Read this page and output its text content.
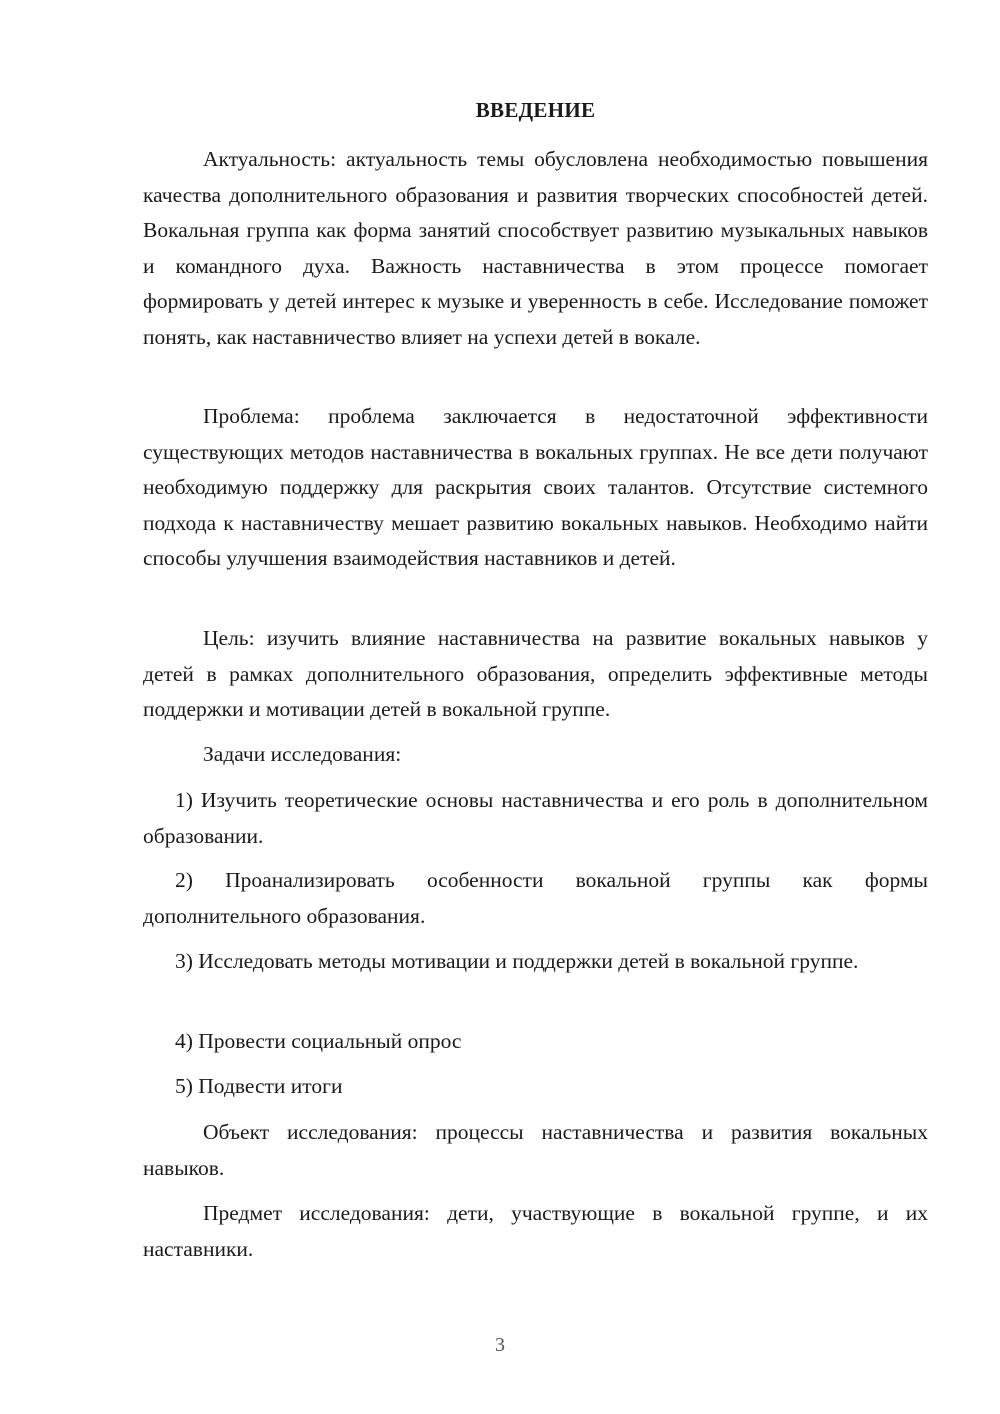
ВВЕДЕНИЕ

Актуальность: актуальность темы обусловлена необходимостью повышения качества дополнительного образования и развития творческих способностей детей. Вокальная группа как форма занятий способствует развитию музыкальных навыков и командного духа. Важность наставничества в этом процессе помогает формировать у детей интерес к музыке и уверенность в себе. Исследование поможет понять, как наставничество влияет на успехи детей в вокале.

Проблема: проблема заключается в недостаточной эффективности существующих методов наставничества в вокальных группах. Не все дети получают необходимую поддержку для раскрытия своих талантов. Отсутствие системного подхода к наставничеству мешает развитию вокальных навыков. Необходимо найти способы улучшения взаимодействия наставников и детей.

Цель: изучить влияние наставничества на развитие вокальных навыков у детей в рамках дополнительного образования, определить эффективные методы поддержки и мотивации детей в вокальной группе.

Задачи исследования:

1) Изучить теоретические основы наставничества и его роль в дополнительном образовании.

2) Проанализировать особенности вокальной группы как формы дополнительного образования.

3) Исследовать методы мотивации и поддержки детей в вокальной группе.

4) Провести социальный опрос

5) Подвести итоги

Объект исследования: процессы наставничества и развития вокальных навыков.

Предмет исследования: дети, участвующие в вокальной группе, и их наставники.

3
